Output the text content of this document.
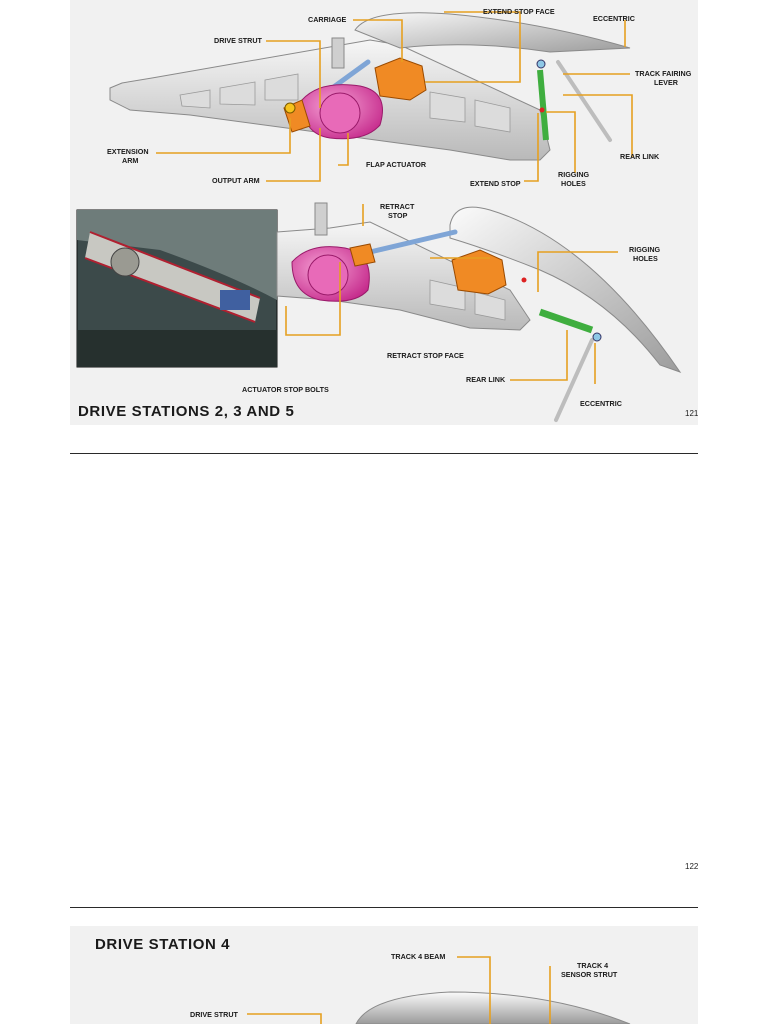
CARRIAGE
EXTEND STOP FACE
ECCENTRIC
DRIVE STRUT
TRACK FAIRING
LEVER
EXTENSION
ARM	REAR LINK
OUTPUT ARM
FLAP ACTUATOR
EXTEND STOP
RIGGING
HOLES
RETRACT
STOP
RIGGING
HOLES
RETRACT STOP FACE
REAR LINK
ACTUATOR STOP BOLTS
ECCENTRIC
DRIVE STATIONS 2, 3 AND 5	121
122
DRIVE STATION 4
TRACK 4 BEAM
TRACK 4
SENSOR STRUT
DRIVE STRUT
